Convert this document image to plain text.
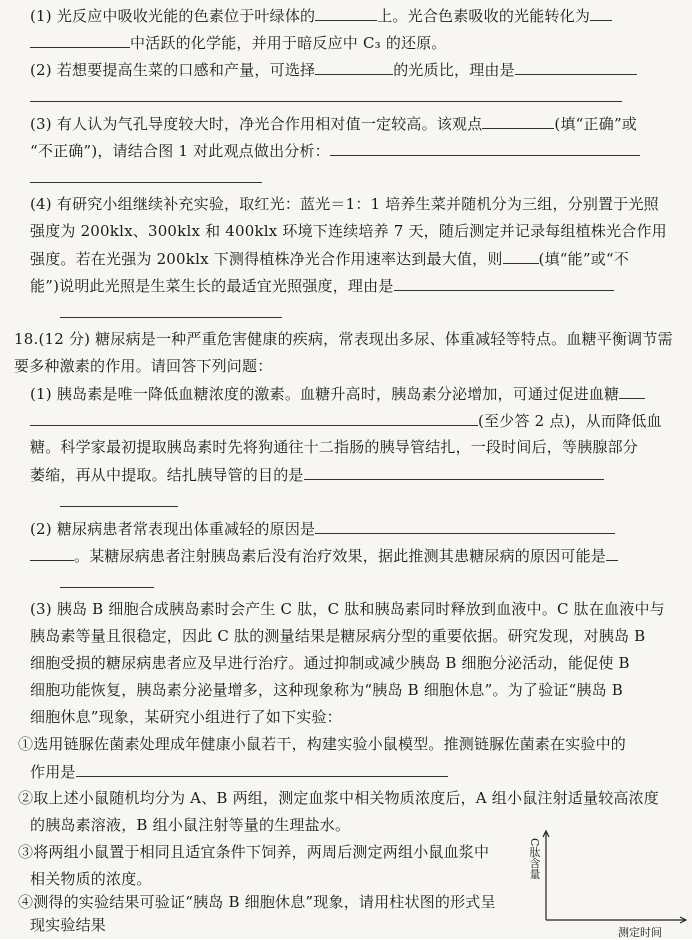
(1) 光反应中吸收光能的色素位于叶绿体的	上。光合色素吸收的光能转化为
中活跃的化学能，并用于暗反应中 C₃ 的还原。
(2) 若想要提高生菜的口感和产量，可选择	的光质比，理由是
(3) 有人认为气孔导度较大时，净光合作用相对值一定较高。该观点	(填“正确”或
“不正确”)，请结合图 1 对此观点做出分析：
(4) 有研究小组继续补充实验，取红光：蓝光＝1：1 培养生菜并随机分为三组，分别置于光照
强度为 200klx、300klx 和 400klx 环境下连续培养 7 天，随后测定并记录每组植株光合作用
强度。若在光强为 200klx 下测得植株净光合作用速率达到最大值，则 (填“能”或“不
能”)说明此光照是生菜生长的最适宜光照强度，理由是
18.(12 分) 糖尿病是一种严重危害健康的疾病，常表现出多尿、体重减轻等特点。血糖平衡调节需
要多种激素的作用。请回答下列问题：
(1) 胰岛素是唯一降低血糖浓度的激素。血糖升高时，胰岛素分泌增加，可通过促进血糖
(至少答 2 点)，从而降低血
糖。科学家最初提取胰岛素时先将狗通往十二指肠的胰导管结扎，一段时间后，等胰腺部分
萎缩，再从中提取。结扎胰导管的目的是
(2) 糖尿病患者常表现出体重减轻的原因是
。某糖尿病患者注射胰岛素后没有治疗效果，据此推测其患糖尿病的原因可能是
(3) 胰岛 B 细胞合成胰岛素时会产生 C 肽，C 肽和胰岛素同时释放到血液中。C 肽在血液中与
胰岛素等量且很稳定，因此 C 肽的测量结果是糖尿病分型的重要依据。研究发现，对胰岛 B
细胞受损的糖尿病患者应及早进行治疗。通过抑制或减少胰岛 B 细胞分泌活动，能促使 B
细胞功能恢复，胰岛素分泌量增多，这种现象称为“胰岛 B 细胞休息”。为了验证“胰岛 B
细胞休息”现象，某研究小组进行了如下实验：
①选用链脲佐菌素处理成年健康小鼠若干，构建实验小鼠模型。推测链脲佐菌素在实验中的
作用是
②取上述小鼠随机均分为 A、B 两组，测定血浆中相关物质浓度后，A 组小鼠注射适量较高浓度
的胰岛素溶液，B 组小鼠注射等量的生理盐水。
③将两组小鼠置于相同且适宜条件下饲养，两周后测定两组小鼠血浆中
相关物质的浓度。
④测得的实验结果可验证“胰岛 B 细胞休息”现象，请用柱状图的形式呈
现实验结果
C肽含量
测定时间
